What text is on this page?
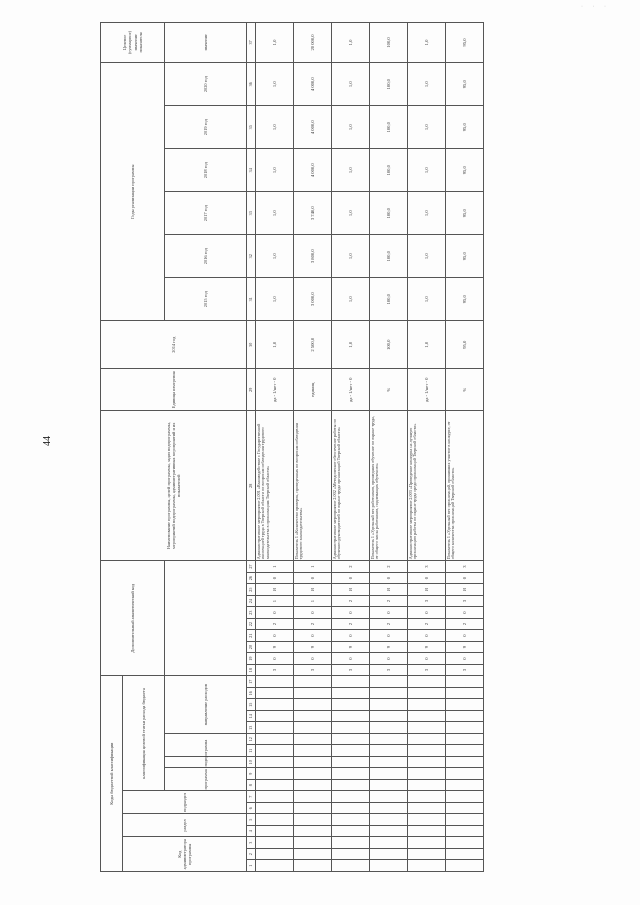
· · ·
44
Коды бюджетной классификации																	Дополнительный аналитический код										Наименование программы, целей программы, задач подпрограммы, мероприятий подпрограммы, административных мероприятий и их показателей	Единица измерения	2014 год	Годы реализации программы						Целевое (суммарное) значение показателя
Код администратора программы			раздел		подраздел		классификация целевой статьи расхода бюджета																													
							программа		подпрограмма			направление расходов																		2015 год	2016 год	2017 год	2018 год	2019 год	2020 год	значение
1	2	3	4	5	6	7	8	9	10	11	12	13	14	15	16	17	18	19	20	21	22	23	24	25	26	27	28	29	30	31	32	33	34	35	36	37
																	3	0	9	0	2	0	1	Я	0	1	Административное мероприятие 2.001 «Взаимодействие с Государственной инспекцией труда в Тверской области по вопросам соблюдения трудового законодательства в организациях Тверской области»	да - 1/нет - 0	1,0	1,0	1,0	1,0	1,0	1,0	1,0	1,0
																	3	0	9	0	2	0	1	Я	0	1	Показатель 1 «Количество проверок, проведенных по вопросам соблюдения трудового законодательства»	единиц	2 500,0	3 000,0	3 800,0	3 740,0	4 000,0	4 000,0	4 000,0	20 000,0
																	3	0	9	0	2	0	2	Я	0	2	Административное мероприятие 2.002 «Методическое обеспечение работы по обучению руководителей по охране труда организаций Тверской области»	да - 1/нет - 0	1,0	1,0	1,0	1,0	1,0	1,0	1,0	1,0
																	3	0	9	0	2	0	2	Я	0	2	Показатель 1 «Удельный вес работников, прошедших обучение по охране труда, от общего числа работников, подлежащих обучению»	%	100,0	100,0	100,0	100,0	100,0	100,0	100,0	100,0
																	3	0	9	0	2	0	3	Я	0	3	Административное мероприятие 2.003 «Проведение конкурса на лучшую организацию работы по охране труда среди организаций Тверской области»	да - 1/нет - 0	1,0	1,0	1,0	1,0	1,0	1,0	1,0	1,0
																	3	0	9	0	2	0	3	Я	0	3	Показатель 1 «Удельный вес организаций, принявших участие в конкурсе, от общего количества организаций Тверской области»	%	95,0	95,0	95,0	95,0	95,0	95,0	95,0	95,0
